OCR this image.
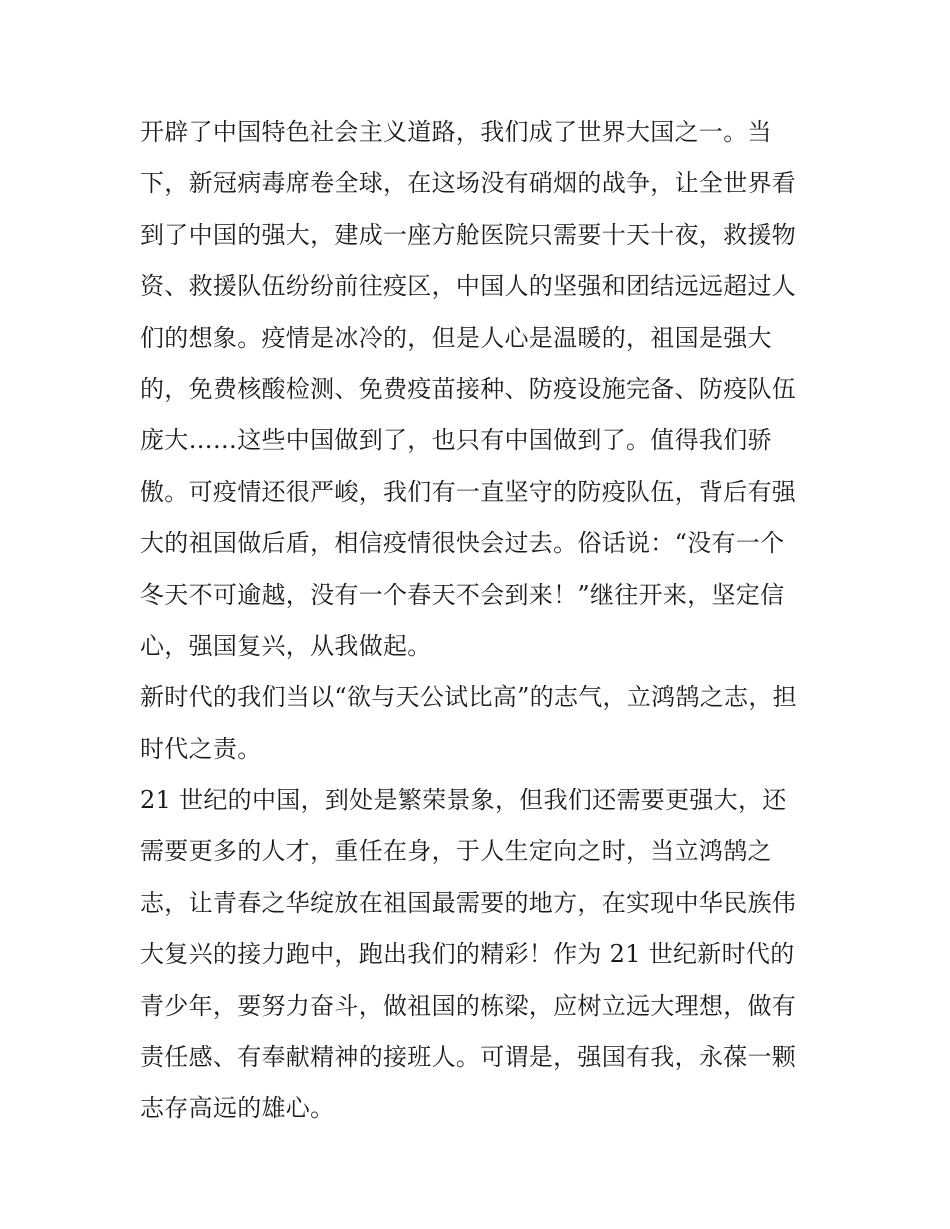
开辟了中国特色社会主义道路，我们成了世界大国之一。当
下，新冠病毒席卷全球，在这场没有硝烟的战争，让全世界看
到了中国的强大，建成一座方舱医院只需要十天十夜，救援物
资、救援队伍纷纷前往疫区，中国人的坚强和团结远远超过人
们的想象。疫情是冰冷的，但是人心是温暖的，祖国是强大
的，免费核酸检测、免费疫苗接种、防疫设施完备、防疫队伍
庞大……这些中国做到了，也只有中国做到了。值得我们骄
傲。可疫情还很严峻，我们有一直坚守的防疫队伍，背后有强
大的祖国做后盾，相信疫情很快会过去。俗话说：“没有一个
冬天不可逾越，没有一个春天不会到来！”继往开来，坚定信
心，强国复兴，从我做起。
新时代的我们当以“欲与天公试比高”的志气，立鸿鹄之志，担
时代之责。
21 世纪的中国，到处是繁荣景象，但我们还需要更强大，还
需要更多的人才，重任在身，于人生定向之时，当立鸿鹄之
志，让青春之华绽放在祖国最需要的地方，在实现中华民族伟
大复兴的接力跑中，跑出我们的精彩！作为 21 世纪新时代的
青少年，要努力奋斗，做祖国的栋梁，应树立远大理想，做有
责任感、有奉献精神的接班人。可谓是，强国有我，永葆一颗
志存高远的雄心。
